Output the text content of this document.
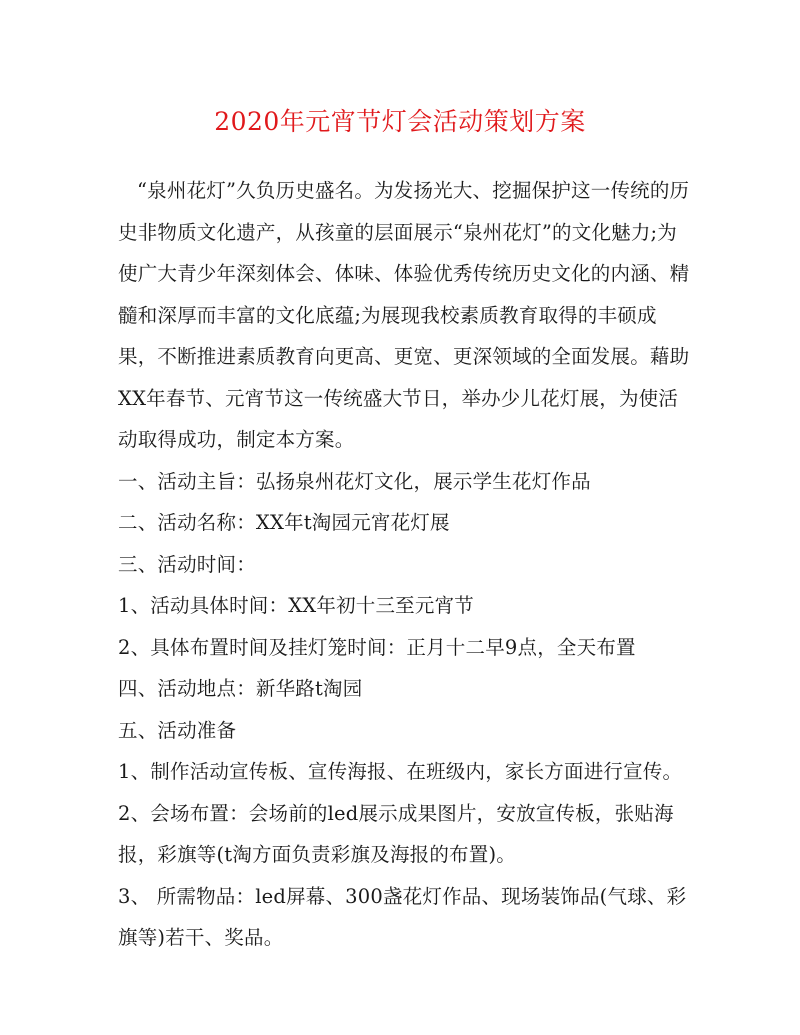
2020年元宵节灯会活动策划方案

“泉州花灯”久负历史盛名。为发扬光大、挖掘保护这一传统的历史非物质文化遗产，从孩童的层面展示“泉州花灯”的文化魅力;为使广大青少年深刻体会、体味、体验优秀传统历史文化的内涵、精髓和深厚而丰富的文化底蕴;为展现我校素质教育取得的丰硕成果，不断推进素质教育向更高、更宽、更深领域的全面发展。藉助XX年春节、元宵节这一传统盛大节日，举办少儿花灯展，为使活动取得成功，制定本方案。

一、活动主旨：弘扬泉州花灯文化，展示学生花灯作品

二、活动名称：XX年t淘园元宵花灯展

三、活动时间：

1、活动具体时间：XX年初十三至元宵节

2、具体布置时间及挂灯笼时间：正月十二早9点，全天布置

四、活动地点：新华路t淘园

五、活动准备

1、制作活动宣传板、宣传海报、在班级内，家长方面进行宣传。

2、会场布置：会场前的led展示成果图片，安放宣传板，张贴海报，彩旗等(t淘方面负责彩旗及海报的布置)。

3、 所需物品：led屏幕、300盏花灯作品、现场装饰品(气球、彩旗等)若干、奖品。
